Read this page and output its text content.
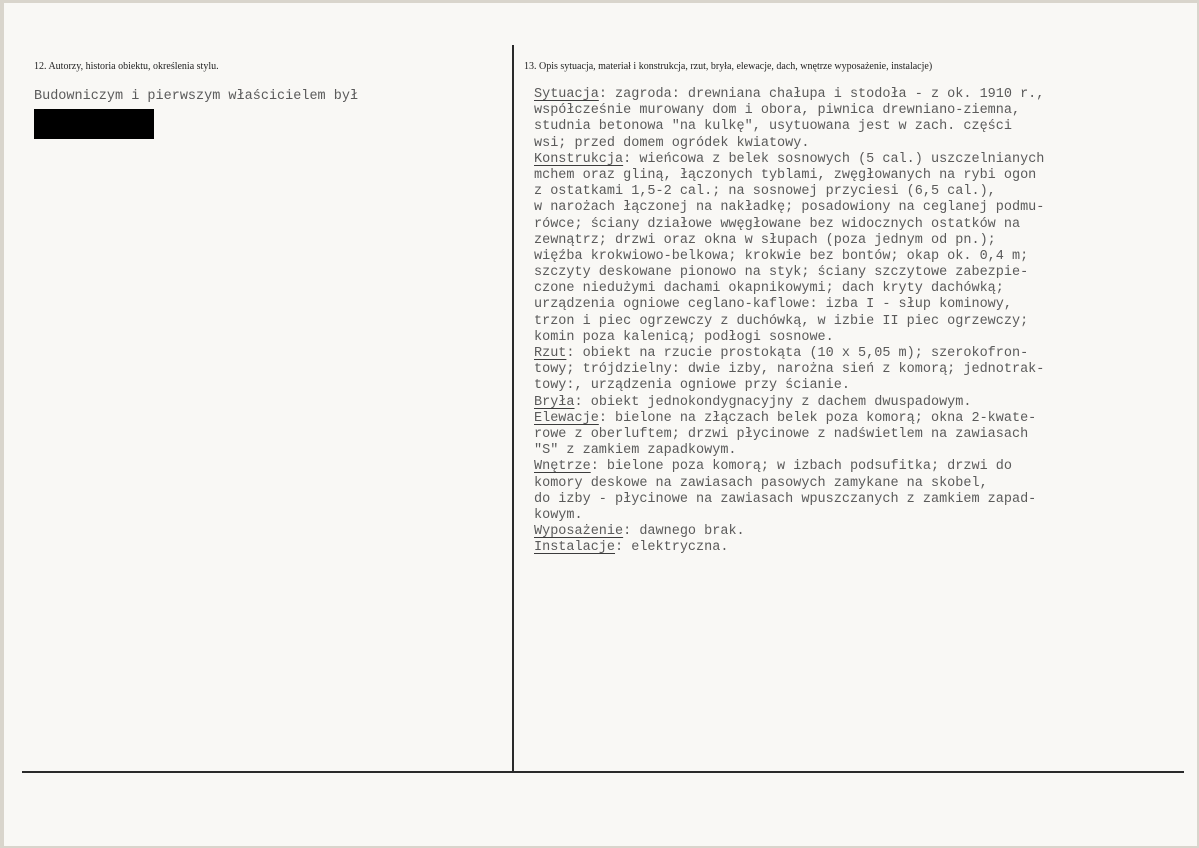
12. Autorzy, historia obiektu, określenia stylu.
Budowniczym i pierwszym właścicielem był
13. Opis sytuacja, materiał i konstrukcja, rzut, bryła, elewacje, dach, wnętrze wyposażenie, instalacje)
Sytuacja: zagroda: drewniana chałupa i stodoła - z ok. 1910 r.,
współcześnie murowany dom i obora, piwnica drewniano-ziemna,
studnia betonowa "na kulkę", usytuowana jest w zach. części
wsi; przed domem ogródek kwiatowy.
Konstrukcja: wieńcowa z belek sosnowych (5 cal.) uszczelnianych
mchem oraz gliną, łączonych tyblami, zwęgłowanych na rybi ogon
z ostatkami 1,5-2 cal.; na sosnowej przyciesi (6,5 cal.),
w narożach łączonej na nakładkę; posadowiony na ceglanej podmu-
rówce; ściany działowe wwęgłowane bez widocznych ostatków na
zewnątrz; drzwi oraz okna w słupach (poza jednym od pn.);
więźba krokwiowo-belkowa; krokwie bez bontów; okap ok. 0,4 m;
szczyty deskowane pionowo na styk; ściany szczytowe zabezpie-
czone niedużymi dachami okapnikowymi; dach kryty dachówką;
urządzenia ogniowe ceglano-kaflowe: izba I - słup kominowy,
trzon i piec ogrzewczy z duchówką, w izbie II piec ogrzewczy;
komin poza kalenicą; podłogi sosnowe.
Rzut: obiekt na rzucie prostokąta (10 x 5,05 m); szerokofron-
towy; trójdzielny: dwie izby, narożna sień z komorą; jednotrak-
towy:, urządzenia ogniowe przy ścianie.
Bryła: obiekt jednokondygnacyjny z dachem dwuspadowym.
Elewacje: bielone na złączach belek poza komorą; okna 2-kwate-
rowe z oberluftem; drzwi płycinowe z nadświetlem na zawiasach
"S" z zamkiem zapadkowym.
Wnętrze: bielone poza komorą; w izbach podsufitka; drzwi do
komory deskowe na zawiasach pasowych zamykane na skobel,
do izby - płycinowe na zawiasach wpuszczanych z zamkiem zapad-
kowym.
Wyposażenie: dawnego brak.
Instalacje: elektryczna.
